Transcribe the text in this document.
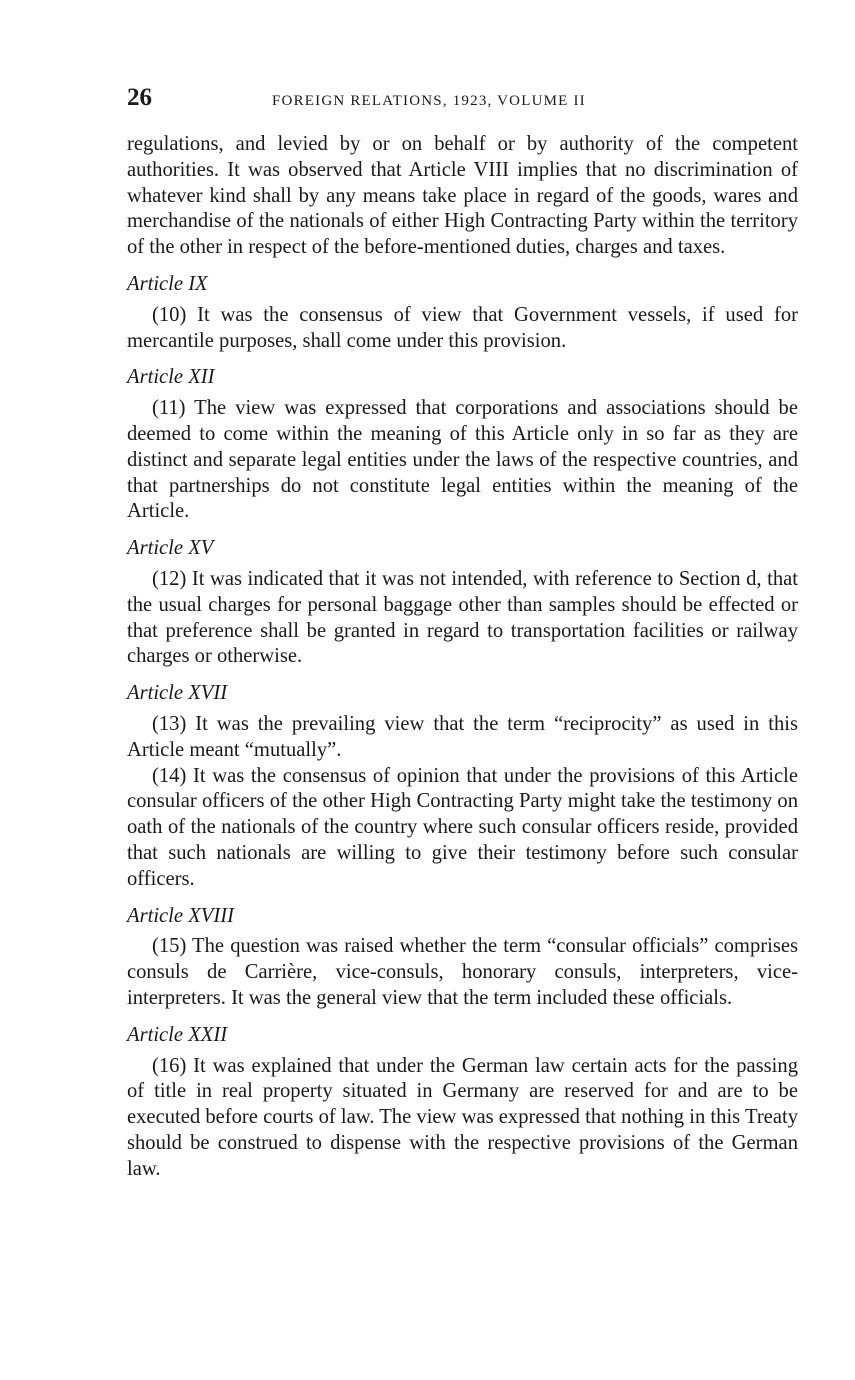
26	FOREIGN RELATIONS, 1923, VOLUME II

regulations, and levied by or on behalf or by authority of the competent authorities. It was observed that Article VIII implies that no discrimination of whatever kind shall by any means take place in regard of the goods, wares and merchandise of the nationals of either High Contracting Party within the territory of the other in respect of the before-mentioned duties, charges and taxes.

Article IX

(10) It was the consensus of view that Government vessels, if used for mercantile purposes, shall come under this provision.

Article XII

(11) The view was expressed that corporations and associations should be deemed to come within the meaning of this Article only in so far as they are distinct and separate legal entities under the laws of the respective countries, and that partnerships do not constitute legal entities within the meaning of the Article.

Article XV

(12) It was indicated that it was not intended, with reference to Section d, that the usual charges for personal baggage other than samples should be effected or that preference shall be granted in regard to transportation facilities or railway charges or otherwise.

Article XVII

(13) It was the prevailing view that the term “reciprocity” as used in this Article meant “mutually”.

(14) It was the consensus of opinion that under the provisions of this Article consular officers of the other High Contracting Party might take the testimony on oath of the nationals of the country where such consular officers reside, provided that such nationals are willing to give their testimony before such consular officers.

Article XVIII

(15) The question was raised whether the term “consular officials” comprises consuls de Carrière, vice-consuls, honorary consuls, interpreters, vice-interpreters. It was the general view that the term included these officials.

Article XXII

(16) It was explained that under the German law certain acts for the passing of title in real property situated in Germany are reserved for and are to be executed before courts of law. The view was expressed that nothing in this Treaty should be construed to dispense with the respective provisions of the German law.
